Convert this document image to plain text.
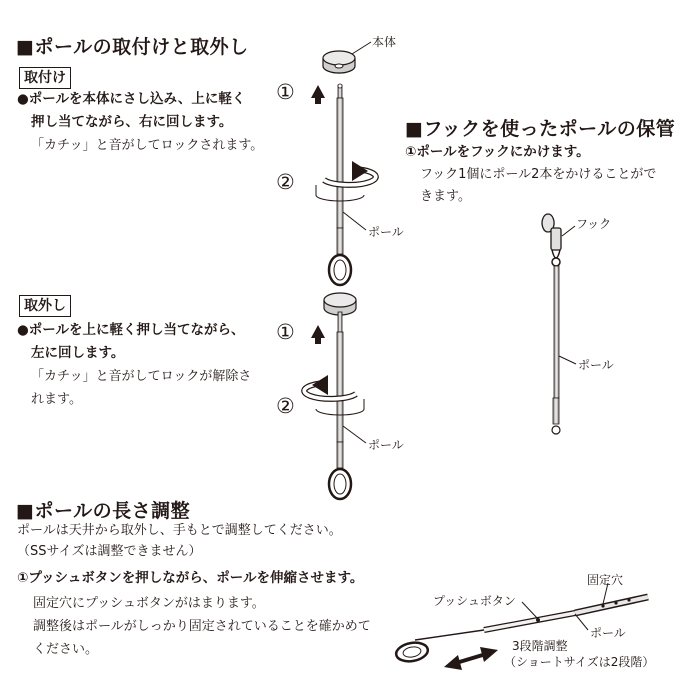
■ポールの取付けと取外し
取付け
●ポールを本体にさし込み、上に軽く
押し当てながら、右に回します。
「カチッ」と音がしてロックされます。
取外し
●ポールを上に軽く押し当てながら、
左に回します。
「カチッ」と音がしてロックが解除さ
れます。
①
②
①
②
本体
ポール
ポール
■フックを使ったポールの保管
①ポールをフックにかけます。
フック1個にポール2本をかけることがで
きます。
フック
ポール
■ポールの長さ調整
ポールは天井から取外し、手もとで調整してください。
（SSサイズは調整できません）
①プッシュボタンを押しながら、ポールを伸縮させます。
固定穴にプッシュボタンがはまります。
調整後はポールがしっかり固定されていることを確かめて
ください。
固定穴
プッシュボタン
ポール
3段階調整
（ショートサイズは2段階）
